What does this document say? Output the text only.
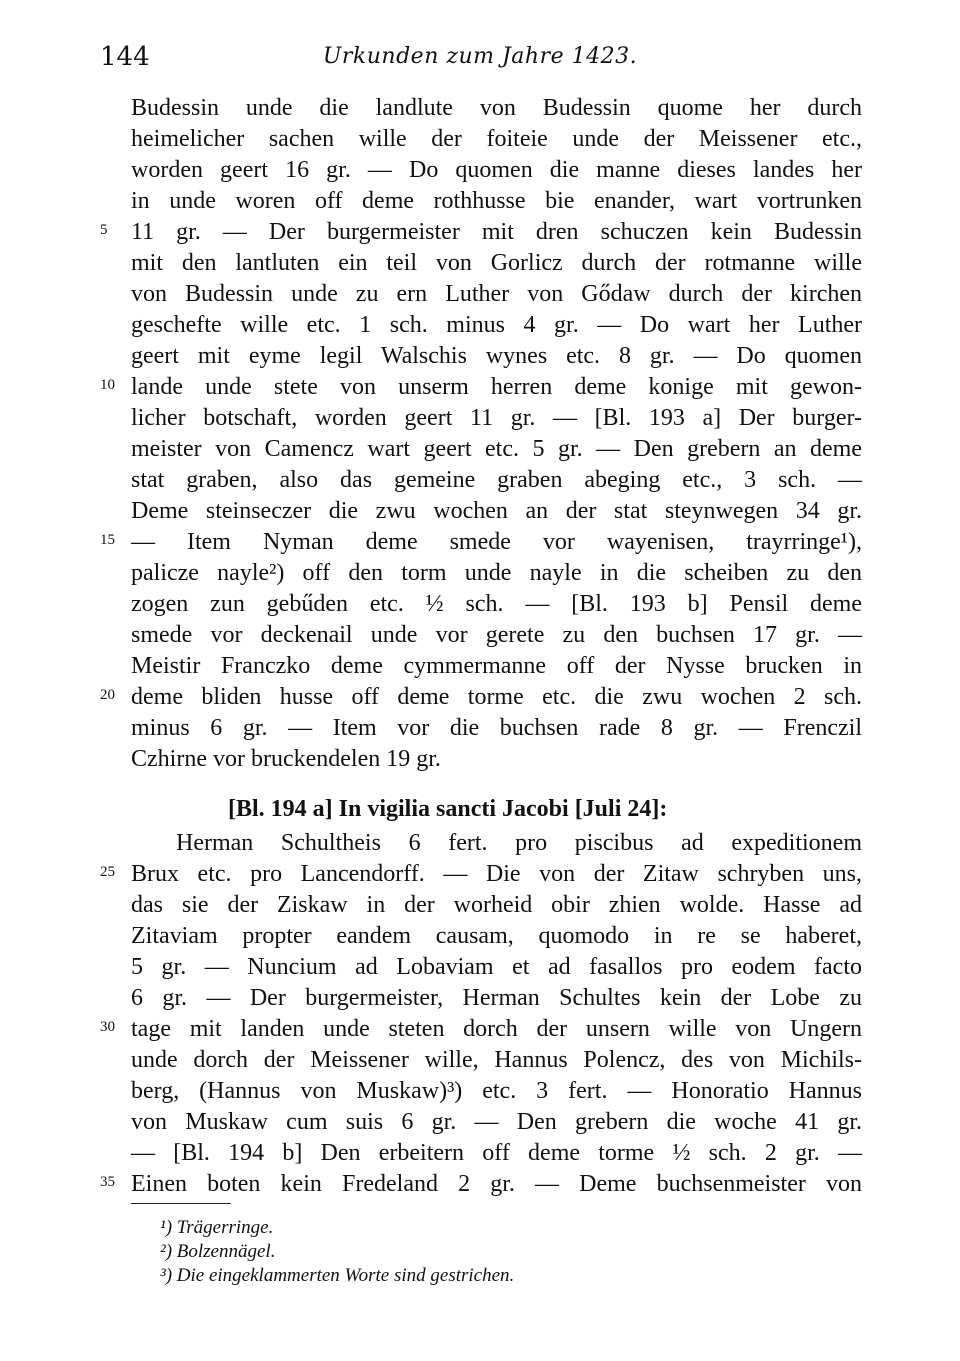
144	Urkunden zum Jahre 1423.
Budessin unde die landlute von Budessin quome her durch
heimelicher sachen wille der foiteie unde der Meissener etc.,
worden geert 16 gr. — Do quomen die manne dieses landes her
in unde woren off deme rothhusse bie enander, wart vortrunken
11 gr. — Der burgermeister mit dren schuczen kein Budessin
mit den lantluten ein teil von Gorlicz durch der rotmanne wille
von Budessin unde zu ern Luther von Gődaw durch der kirchen
geschefte wille etc. 1 sch. minus 4 gr. — Do wart her Luther
geert mit eyme legil Walschis wynes etc. 8 gr. — Do quomen
lande unde stete von unserm herren deme konige mit gewon-
licher botschaft, worden geert 11 gr. — [Bl. 193 a] Der burger-
meister von Camencz wart geert etc. 5 gr. — Den grebern an deme
stat graben, also das gemeine graben abeging etc., 3 sch. —
Deme steinseczer die zwu wochen an der stat steynwegen 34 gr.
— Item Nyman deme smede vor wayenisen, trayrringe¹),
palicze nayle²) off den torm unde nayle in die scheiben zu den
zogen zun gebűden etc. ½ sch. — [Bl. 193 b] Pensil deme
smede vor deckenail unde vor gerete zu den buchsen 17 gr. —
Meistir Franczko deme cymmermanne off der Nysse brucken in
deme bliden husse off deme torme etc. die zwu wochen 2 sch.
minus 6 gr. — Item vor die buchsen rade 8 gr. — Frenczil
Czhirne vor bruckendelen 19 gr.
[Bl. 194 a] In vigilia sancti Jacobi [Juli 24]:
Herman Schultheis 6 fert. pro piscibus ad expeditionem
Brux etc. pro Lancendorff. — Die von der Zitaw schryben uns,
das sie der Ziskaw in der worheid obir zhien wolde. Hasse ad
Zitaviam propter eandem causam, quomodo in re se haberet,
5 gr. — Nuncium ad Lobaviam et ad fasallos pro eodem facto
6 gr. — Der burgermeister, Herman Schultes kein der Lobe zu
tage mit landen unde steten dorch der unsern wille von Ungern
unde dorch der Meissener wille, Hannus Polencz, des von Michils-
berg, (Hannus von Muskaw)³) etc. 3 fert. — Honoratio Hannus
von Muskaw cum suis 6 gr. — Den grebern die woche 41 gr.
— [Bl. 194 b] Den erbeitern off deme torme ½ sch. 2 gr. —
Einen boten kein Fredeland 2 gr. — Deme buchsenmeister von
5
10
15
20
25
30
35
¹) Trägerringe.
²) Bolzennägel.
³) Die eingeklammerten Worte sind gestrichen.
